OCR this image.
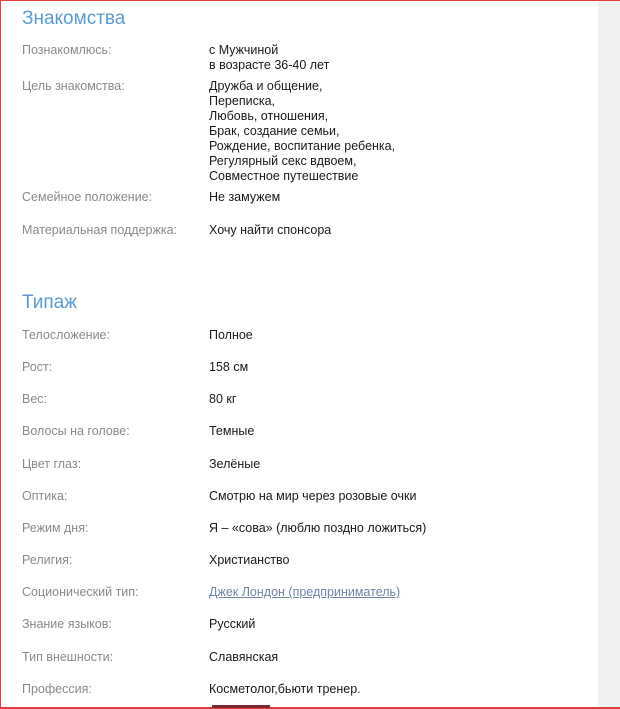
Знакомства
Познакомлюсь:	с Мужчиной
в возрасте 36-40 лет
Цель знакомства:	Дружба и общение,
Переписка,
Любовь, отношения,
Брак, создание семьи,
Рождение, воспитание ребенка,
Регулярный секс вдвоем,
Совместное путешествие
Семейное положение:	Не замужем
Материальная поддержка:	Хочу найти спонсора
Типаж
Телосложение:	Полное
Рост:	158 см
Вес:	80 кг
Волосы на голове:	Темные
Цвет глаз:	Зелёные
Оптика:	Смотрю на мир через розовые очки
Режим дня:	Я – «сова» (люблю поздно ложиться)
Религия:	Христианство
Соционический тип:	Джек Лондон (предприниматель)
Знание языков:	Русский
Тип внешности:	Славянская
Профессия:	Косметолог,бьюти тренер.
